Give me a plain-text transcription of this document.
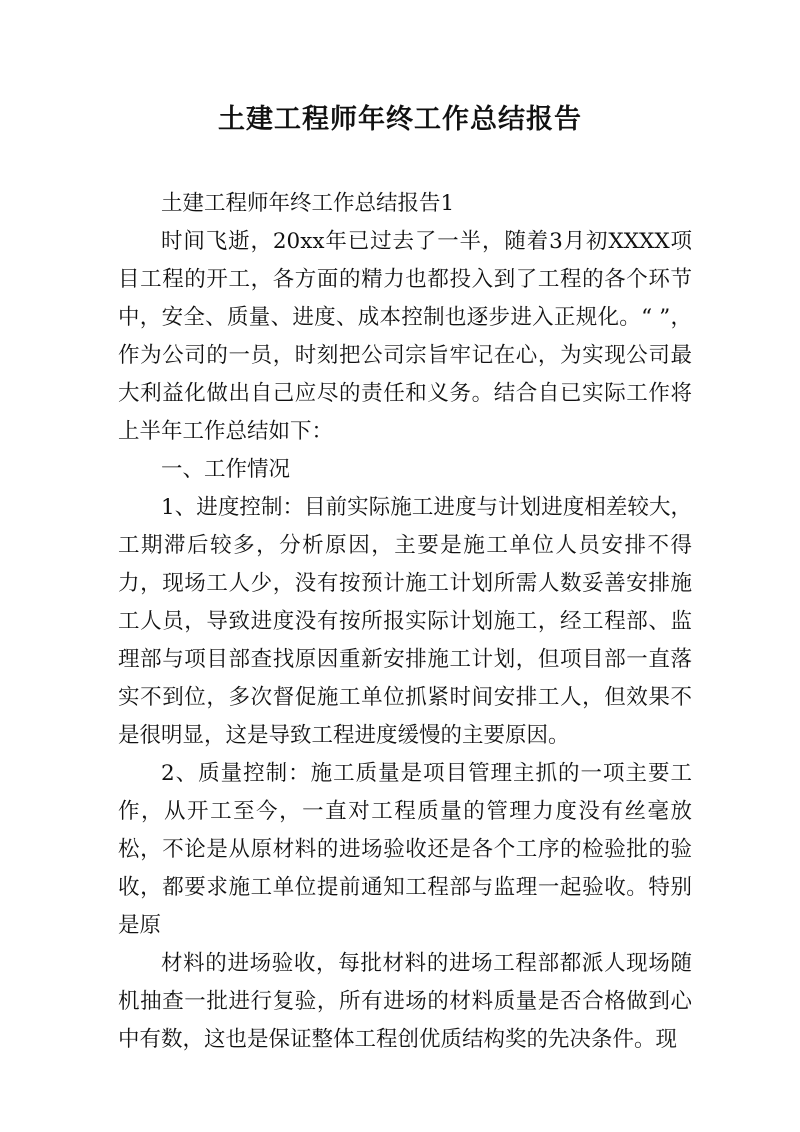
土建工程师年终工作总结报告

土建工程师年终工作总结报告1

时间飞逝，20xx年已过去了一半，随着3月初XXXX项目工程的开工，各方面的精力也都投入到了工程的各个环节中，安全、质量、进度、成本控制也逐步进入正规化。“ ”，作为公司的一员，时刻把公司宗旨牢记在心，为实现公司最大利益化做出自己应尽的责任和义务。结合自已实际工作将上半年工作总结如下：

一、工作情况

1、进度控制：目前实际施工进度与计划进度相差较大，工期滞后较多，分析原因，主要是施工单位人员安排不得力，现场工人少，没有按预计施工计划所需人数妥善安排施工人员，导致进度没有按所报实际计划施工，经工程部、监理部与项目部查找原因重新安排施工计划，但项目部一直落实不到位，多次督促施工单位抓紧时间安排工人，但效果不是很明显，这是导致工程进度缓慢的主要原因。

2、质量控制：施工质量是项目管理主抓的一项主要工作，从开工至今，一直对工程质量的管理力度没有丝毫放松，不论是从原材料的进场验收还是各个工序的检验批的验收，都要求施工单位提前通知工程部与监理一起验收。特别是原

材料的进场验收，每批材料的进场工程部都派人现场随机抽查一批进行复验，所有进场的材料质量是否合格做到心中有数，这也是保证整体工程创优质结构奖的先决条件。现
